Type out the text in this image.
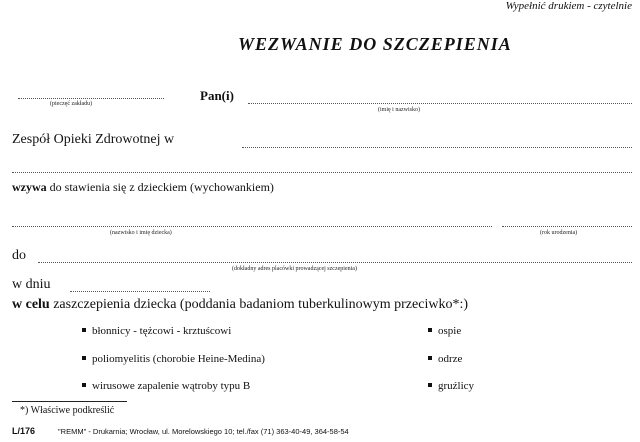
Wypełnić drukiem - czytelnie
WEZWANIE DO SZCZEPIENIA
(pieczęć zakładu)
Pan(i)
(imię i nazwisko)
Zespół Opieki Zdrowotnej w
wzywa do stawienia się z dzieckiem (wychowankiem)
(nazwisko i imię dziecka)	(rok urodzenia)
do
(dokładny adres placówki prowadzącej szczepienia)
w dniu
w celu zaszczepienia dziecka (poddania badaniom tuberkulinowym przeciwko*:)
błonnicy - tężcowi - krztuścowi
poliomyelitis (chorobie Heine-Medina)
wirusowe zapalenie wątroby typu B
ospie
odrze
gruźlicy
*) Właściwe podkreślić
L/176	"REMM" - Drukarnia; Wrocław, ul. Morelowskiego 10; tel./fax (71) 363-40-49, 364-58-54
